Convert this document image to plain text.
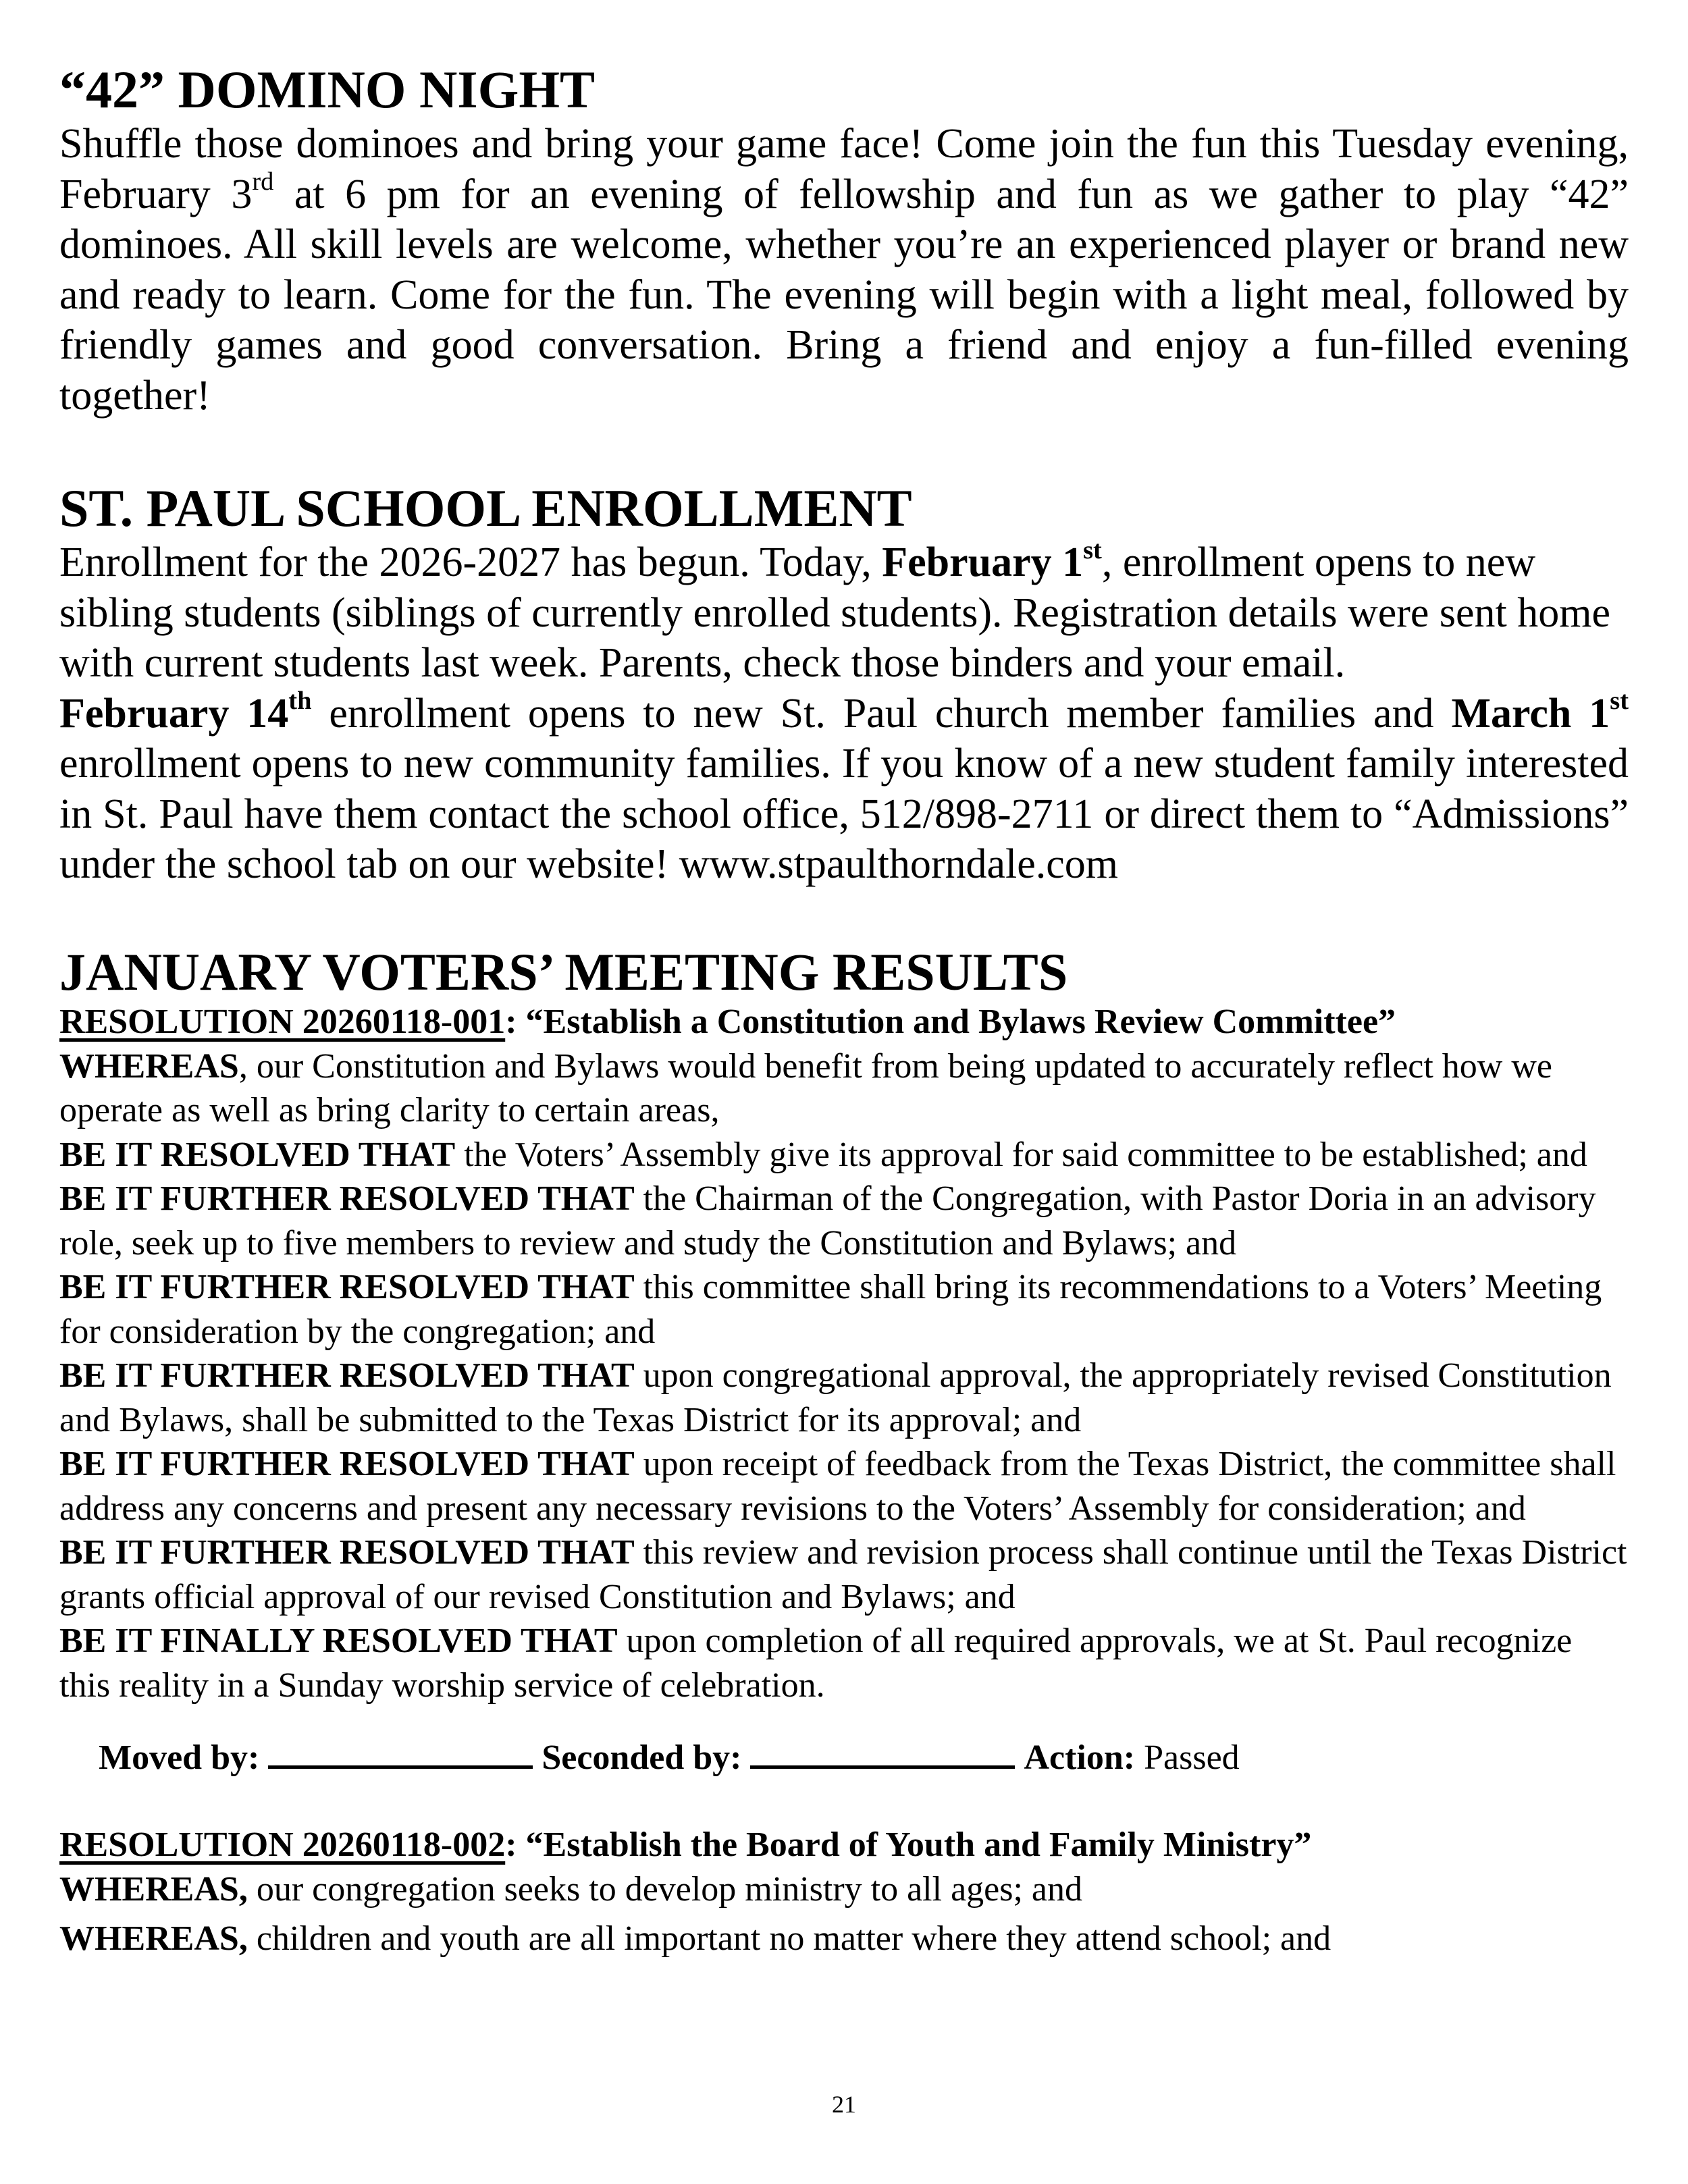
“42” DOMINO NIGHT

Shuffle those dominoes and bring your game face! Come join the fun this Tuesday evening, February 3rd at 6 pm for an evening of fellowship and fun as we gather to play “42” dominoes. All skill levels are welcome, whether you’re an experienced player or brand new and ready to learn. Come for the fun. The evening will begin with a light meal, followed by friendly games and good conversation. Bring a friend and enjoy a fun-filled evening together!

ST. PAUL SCHOOL ENROLLMENT

Enrollment for the 2026-2027 has begun. Today, February 1st, enrollment opens to new sibling students (siblings of currently enrolled students). Registration details were sent home with current students last week. Parents, check those binders and your email.

February 14th enrollment opens to new St. Paul church member families and March 1st enrollment opens to new community families. If you know of a new student family interested in St. Paul have them contact the school office, 512/898-2711 or direct them to “Admissions” under the school tab on our website! www.stpaulthorndale.com

JANUARY VOTERS’ MEETING RESULTS

RESOLUTION 20260118-001: “Establish a Constitution and Bylaws Review Committee”

WHEREAS, our Constitution and Bylaws would benefit from being updated to accurately reflect how we operate as well as bring clarity to certain areas,

BE IT RESOLVED THAT the Voters’ Assembly give its approval for said committee to be established; and

BE IT FURTHER RESOLVED THAT the Chairman of the Congregation, with Pastor Doria in an advisory role, seek up to five members to review and study the Constitution and Bylaws; and

BE IT FURTHER RESOLVED THAT this committee shall bring its recommendations to a Voters’ Meeting for consideration by the congregation; and

BE IT FURTHER RESOLVED THAT upon congregational approval, the appropriately revised Constitution and Bylaws, shall be submitted to the Texas District for its approval; and

BE IT FURTHER RESOLVED THAT upon receipt of feedback from the Texas District, the committee shall address any concerns and present any necessary revisions to the Voters’ Assembly for consideration; and

BE IT FURTHER RESOLVED THAT this review and revision process shall continue until the Texas District grants official approval of our revised Constitution and Bylaws; and

BE IT FINALLY RESOLVED THAT upon completion of all required approvals, we at St. Paul recognize this reality in a Sunday worship service of celebration.

Moved by:	Seconded by:	Action: Passed

RESOLUTION 20260118-002: “Establish the Board of Youth and Family Ministry”

WHEREAS, our congregation seeks to develop ministry to all ages; and

WHEREAS, children and youth are all important no matter where they attend school; and

21
